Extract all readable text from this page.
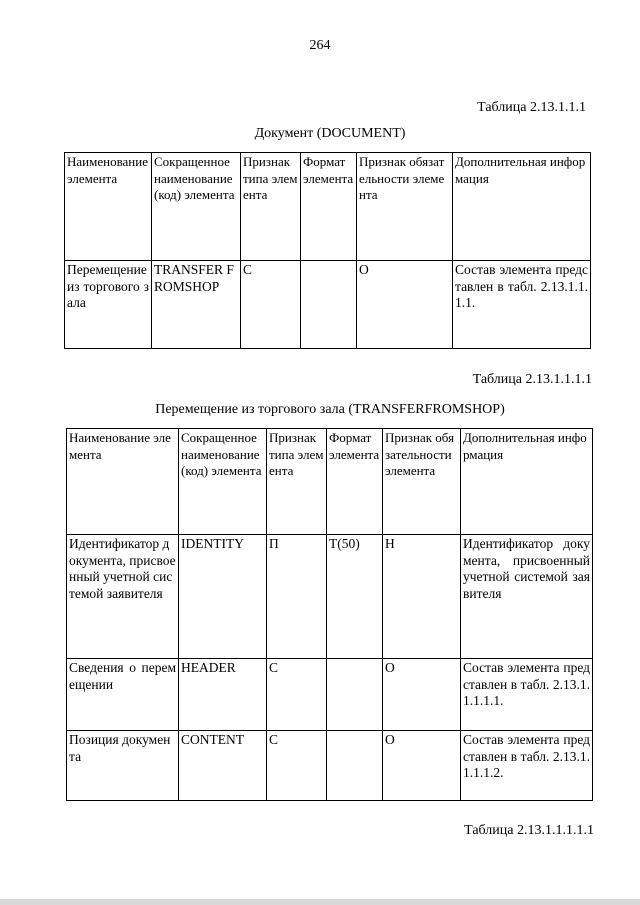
264
Таблица 2.13.1.1.1
Документ (DOCUMENT)
Наименование элемента	Сокращенное наименование (код) элемента	Признак типа элемента	Формат элемента	Признак обязательности элемента	Дополнительная информация
Перемещение из торгового зала	TRANSFER FROMSHOP	С		О	Состав элемента представлен в табл. 2.13.1.1.1.1.
Таблица 2.13.1.1.1.1
Перемещение из торгового зала (TRANSFERFROMSHOP)
Наименование элемента	Сокращенное наименование (код) элемента	Признак типа элемента	Формат элемента	Признак обязательности элемента	Дополнительная информация
Идентификатор документа, присвоенный учетной системой заявителя	IDENTITY	П	T(50)	Н	Идентификатор документа, присвоенный учетной системой заявителя
Сведения о перемещении	HEADER	С		О	Состав элемента представлен в табл. 2.13.1.1.1.1.1.
Позиция документа	CONTENT	С		О	Состав элемента представлен в табл. 2.13.1.1.1.1.2.
Таблица 2.13.1.1.1.1.1
